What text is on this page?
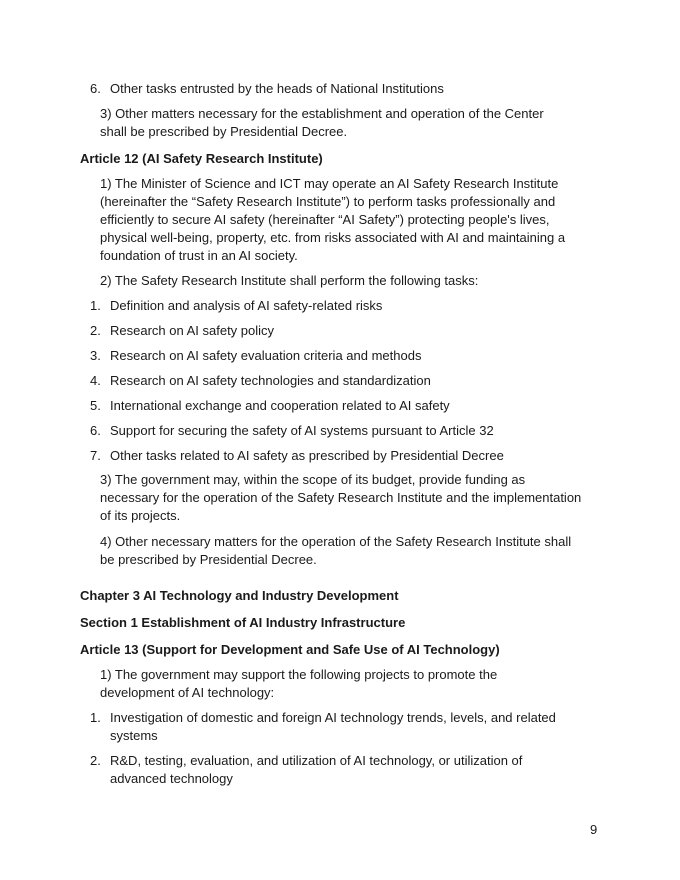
6. Other tasks entrusted by the heads of National Institutions
3) Other matters necessary for the establishment and operation of the Center
shall be prescribed by Presidential Decree.
Article 12 (AI Safety Research Institute)
1) The Minister of Science and ICT may operate an AI Safety Research Institute
(hereinafter the “Safety Research Institute”) to perform tasks professionally and
efficiently to secure AI safety (hereinafter “AI Safety”) protecting people's lives,
physical well-being, property, etc. from risks associated with AI and maintaining a
foundation of trust in an AI society.
2) The Safety Research Institute shall perform the following tasks:
1. Definition and analysis of AI safety-related risks
2. Research on AI safety policy
3. Research on AI safety evaluation criteria and methods
4. Research on AI safety technologies and standardization
5. International exchange and cooperation related to AI safety
6. Support for securing the safety of AI systems pursuant to Article 32
7. Other tasks related to AI safety as prescribed by Presidential Decree
3) The government may, within the scope of its budget, provide funding as
necessary for the operation of the Safety Research Institute and the implementation
of its projects.
4) Other necessary matters for the operation of the Safety Research Institute shall
be prescribed by Presidential Decree.
Chapter 3 AI Technology and Industry Development
Section 1 Establishment of AI Industry Infrastructure
Article 13 (Support for Development and Safe Use of AI Technology)
1) The government may support the following projects to promote the
development of AI technology:
1. Investigation of domestic and foreign AI technology trends, levels, and related
systems
2. R&D, testing, evaluation, and utilization of AI technology, or utilization of
advanced technology
9
